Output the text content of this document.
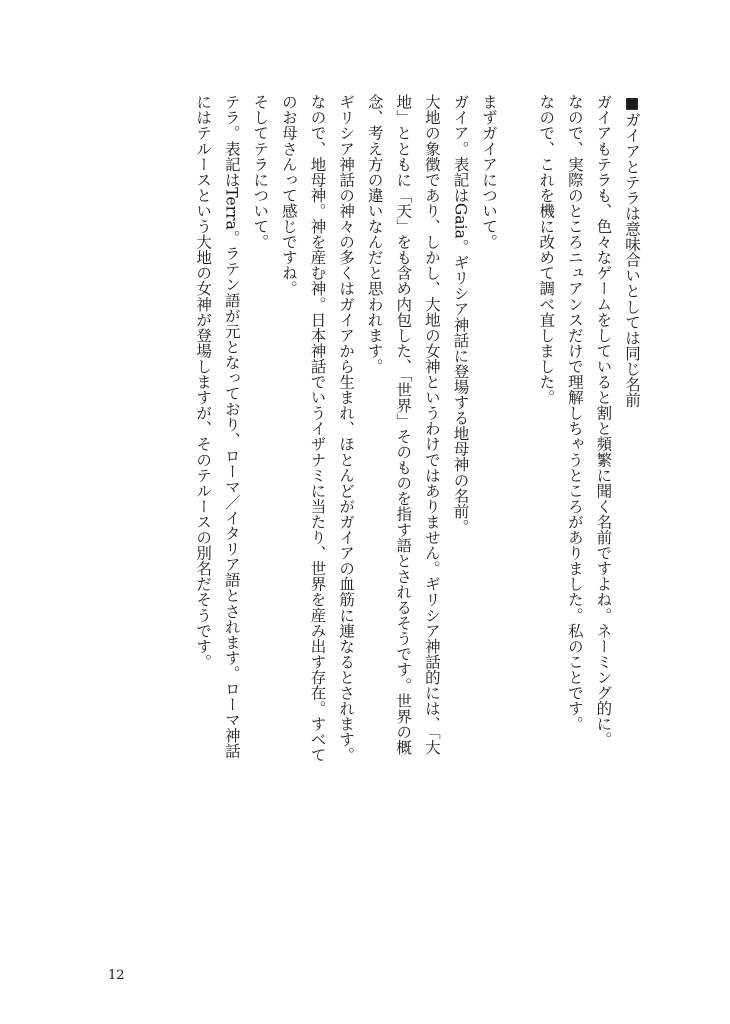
■ガイアとテラは意味合いとしては同じ名前

ガイアもテラも、色々なゲームをしていると割と頻繁に聞く名前ですよね。ネーミング的に。

なので、実際のところニュアンスだけで理解しちゃうところがありました。私のことです。

なので、これを機に改めて調べ直しました。

まずガイアについて。

ガイア。表記はGaia。ギリシア神話に登場する地母神の名前。

大地の象徴であり、しかし、大地の女神というわけではありません。ギリシア神話的には、「大地」とともに「天」をも含め内包した、「世界」そのものを指す語とされるそうです。世界の概念、考え方の違いなんだと思われます。

ギリシア神話の神々の多くはガイアから生まれ、ほとんどがガイアの血筋に連なるとされます。なので、地母神。神を産む神。日本神話でいうイザナミに当たり、世界を産み出す存在。すべてのお母さんって感じですね。

そしてテラについて。

テラ。表記はTerra。ラテン語が元となっており、ローマ／イタリア語とされます。ローマ神話にはテルースという大地の女神が登場しますが、そのテルースの別名だそうです。

12
